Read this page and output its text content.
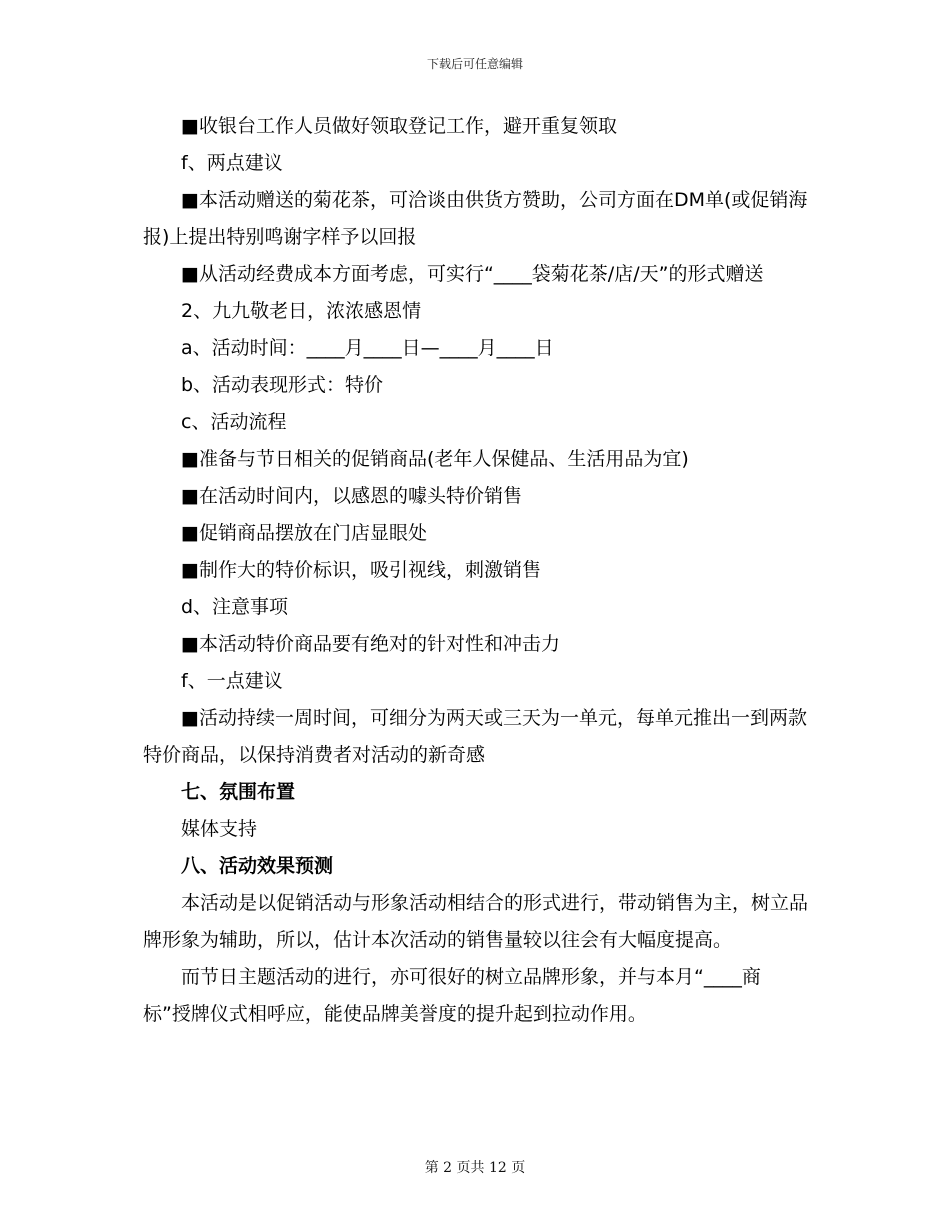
下载后可任意编辑

■收银台工作人员做好领取登记工作，避开重复领取

f、两点建议

■本活动赠送的菊花茶，可洽谈由供货方赞助，公司方面在DM单(或促销海报)上提出特别鸣谢字样予以回报

■从活动经费成本方面考虑，可实行“____袋菊花茶/店/天”的形式赠送

2、九九敬老日，浓浓感恩情

a、活动时间：____月____日—____月____日

b、活动表现形式：特价

c、活动流程

■准备与节日相关的促销商品(老年人保健品、生活用品为宜)

■在活动时间内，以感恩的噱头特价销售

■促销商品摆放在门店显眼处

■制作大的特价标识，吸引视线，刺激销售

d、注意事项

■本活动特价商品要有绝对的针对性和冲击力

f、一点建议

■活动持续一周时间，可细分为两天或三天为一单元，每单元推出一到两款特价商品，以保持消费者对活动的新奇感

七、氛围布置

媒体支持

八、活动效果预测

本活动是以促销活动与形象活动相结合的形式进行，带动销售为主，树立品牌形象为辅助，所以，估计本次活动的销售量较以往会有大幅度提高。

而节日主题活动的进行，亦可很好的树立品牌形象，并与本月“____商标”授牌仪式相呼应，能使品牌美誉度的提升起到拉动作用。

第 2 页共 12 页
